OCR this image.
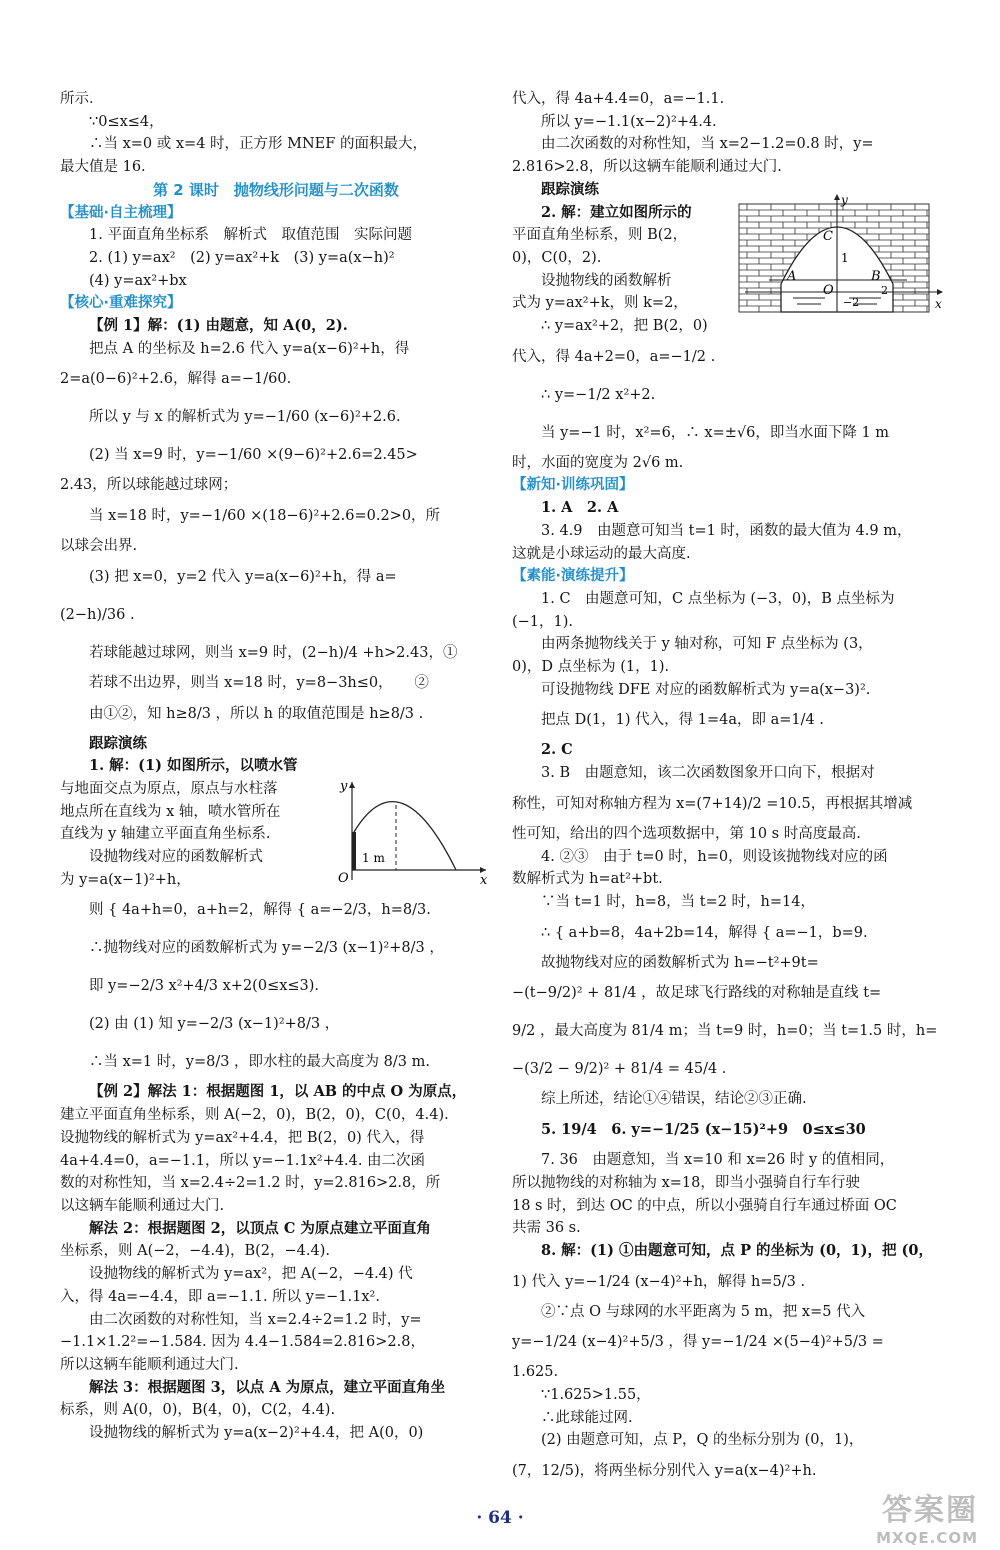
所示．
∵0≤x≤4，
∴当 x=0 或 x=4 时，正方形 MNEF 的面积最大，
最大值是 16.
第 2 课时　抛物线形问题与二次函数
【基础·自主梳理】
1. 平面直角坐标系　解析式　取值范围　实际问题
2. (1) y=ax²　(2) y=ax²+k　(3) y=a(x−h)²
(4) y=ax²+bx
【核心·重难探究】
【例 1】解：(1) 由题意，知 A(0，2).
把点 A 的坐标及 h=2.6 代入 y=a(x−6)²+h，得
2=a(0−6)²+2.6，解得 a=−1/60.
所以 y 与 x 的解析式为 y=−1/60 (x−6)²+2.6.
(2) 当 x=9 时，y=−1/60 ×(9−6)²+2.6=2.45>
2.43，所以球能越过球网；
当 x=18 时，y=−1/60 ×(18−6)²+2.6=0.2>0，所
以球会出界.
(3) 把 x=0，y=2 代入 y=a(x−6)²+h，得 a=
(2−h)/36 .
若球能越过球网，则当 x=9 时，(2−h)/4 +h>2.43，①
若球不出边界，则当 x=18 时，y=8−3h≤0，　　②
由①②，知 h≥8/3 ，所以 h 的取值范围是 h≥8/3 .
跟踪演练
1. 解：(1) 如图所示，以喷水管
与地面交点为原点，原点与水柱落
地点所在直线为 x 轴，喷水管所在
直线为 y 轴建立平面直角坐标系.
设抛物线对应的函数解析式
为 y=a(x−1)²+h，
则 { 4a+h=0，a+h=2，解得 { a=−2/3，h=8/3.
∴抛物线对应的函数解析式为 y=−2/3 (x−1)²+8/3 ，
即 y=−2/3 x²+4/3 x+2(0≤x≤3).
(2) 由 (1) 知 y=−2/3 (x−1)²+8/3 ，
∴当 x=1 时，y=8/3 ，即水柱的最大高度为 8/3 m.
【例 2】解法 1：根据题图 1，以 AB 的中点 O 为原点，
建立平面直角坐标系，则 A(−2，0)，B(2，0)，C(0，4.4).
设抛物线的解析式为 y=ax²+4.4，把 B(2，0) 代入，得
4a+4.4=0，a=−1.1，所以 y=−1.1x²+4.4. 由二次函
数的对称性知，当 x=2.4÷2=1.2 时，y=2.816>2.8，所
以这辆车能顺利通过大门.
解法 2：根据题图 2，以顶点 C 为原点建立平面直角
坐标系，则 A(−2，−4.4)，B(2，−4.4).
设抛物线的解析式为 y=ax²，把 A(−2，−4.4) 代
入，得 4a=−4.4，即 a=−1.1. 所以 y=−1.1x².
由二次函数的对称性知，当 x=2.4÷2=1.2 时，y=
−1.1×1.2²=−1.584. 因为 4.4−1.584=2.816>2.8，
所以这辆车能顺利通过大门.
解法 3：根据题图 3，以点 A 为原点，建立平面直角坐
标系，则 A(0，0)，B(4，0)，C(2，4.4).
设抛物线的解析式为 y=a(x−2)²+4.4，把 A(0，0)
代入，得 4a+4.4=0，a=−1.1.
所以 y=−1.1(x−2)²+4.4.
由二次函数的对称性知，当 x=2−1.2=0.8 时，y=
2.816>2.8，所以这辆车能顺利通过大门.
跟踪演练
2. 解：建立如图所示的
平面直角坐标系，则 B(2，
0)，C(0，2).
设抛物线的函数解析
式为 y=ax²+k，则 k=2，
∴ y=ax²+2，把 B(2，0)
代入，得 4a+2=0，a=−1/2 .
∴ y=−1/2 x²+2.
当 y=−1 时，x²=6，∴ x=±√6，即当水面下降 1 m
时，水面的宽度为 2√6 m.
【新知·训练巩固】
1. A　2. A
3. 4.9　由题意可知当 t=1 时，函数的最大值为 4.9 m，
这就是小球运动的最大高度.
【素能·演练提升】
1. C　由题意可知，C 点坐标为 (−3，0)，B 点坐标为
(−1，1).
由两条抛物线关于 y 轴对称，可知 F 点坐标为 (3，
0)，D 点坐标为 (1，1).
可设抛物线 DFE 对应的函数解析式为 y=a(x−3)².
把点 D(1，1) 代入，得 1=4a，即 a=1/4 .
2. C
3. B　由题意知，该二次函数图象开口向下，根据对
称性，可知对称轴方程为 x=(7+14)/2 =10.5，再根据其增减
性可知，给出的四个选项数据中，第 10 s 时高度最高.
4. ②③　由于 t=0 时，h=0，则设该抛物线对应的函
数解析式为 h=at²+bt.
∵当 t=1 时，h=8，当 t=2 时，h=14，
∴ { a+b=8，4a+2b=14，解得 { a=−1，b=9.
故抛物线对应的函数解析式为 h=−t²+9t=
−(t−9/2)² + 81/4 ，故足球飞行路线的对称轴是直线 t=
9/2 ，最大高度为 81/4 m；当 t=9 时，h=0；当 t=1.5 时，h=
−(3/2 − 9/2)² + 81/4 = 45/4 .
综上所述，结论①④错误，结论②③正确.
5. 19/4　6. y=−1/25 (x−15)²+9　0≤x≤30
7. 36　由题意知，当 x=10 和 x=26 时 y 的值相同，
所以抛物线的对称轴为 x=18，即当小强骑自行车行驶
18 s 时，到达 OC 的中点，所以小强骑自行车通过桥面 OC
共需 36 s.
8. 解：(1) ①由题意可知，点 P 的坐标为 (0，1)，把 (0，
1) 代入 y=−1/24 (x−4)²+h，解得 h=5/3 .
②∵点 O 与球网的水平距离为 5 m，把 x=5 代入
y=−1/24 (x−4)²+5/3 ，得 y=−1/24 ×(5−4)²+5/3 =
1.625.
∵1.625>1.55，
∴此球能过网.
(2) 由题意可知，点 P，Q 的坐标分别为 (0，1)，
(7，12/5)，将两坐标分别代入 y=a(x−4)²+h.
y
x
O
1 m
y
x
C
A	B
O
1
−2
2
· 64 ·	答案圈
MXQE.COM
